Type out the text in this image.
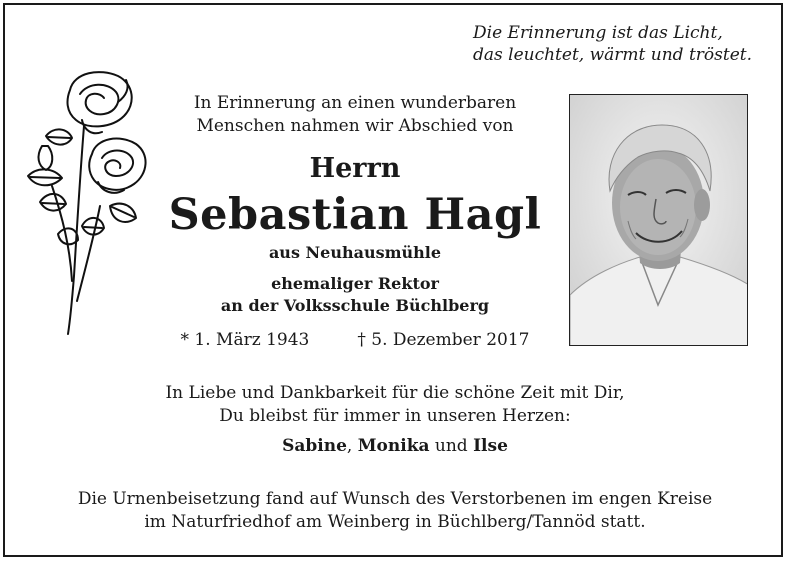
Die Erinnerung ist das Licht,
das leuchtet, wärmt und tröstet.
In Erinnerung an einen wunderbaren
Menschen nahmen wir Abschied von
Herrn
Sebastian Hagl
aus Neuhausmühle
ehemaliger Rektor
an der Volksschule Büchlberg
* 1. März 1943	† 5. Dezember 2017
In Liebe und Dankbarkeit für die schöne Zeit mit Dir,
Du bleibst für immer in unseren Herzen:
Sabine, Monika und Ilse
Die Urnenbeisetzung fand auf Wunsch des Verstorbenen im engen Kreise
im Naturfriedhof am Weinberg in Büchlberg/Tannöd statt.
